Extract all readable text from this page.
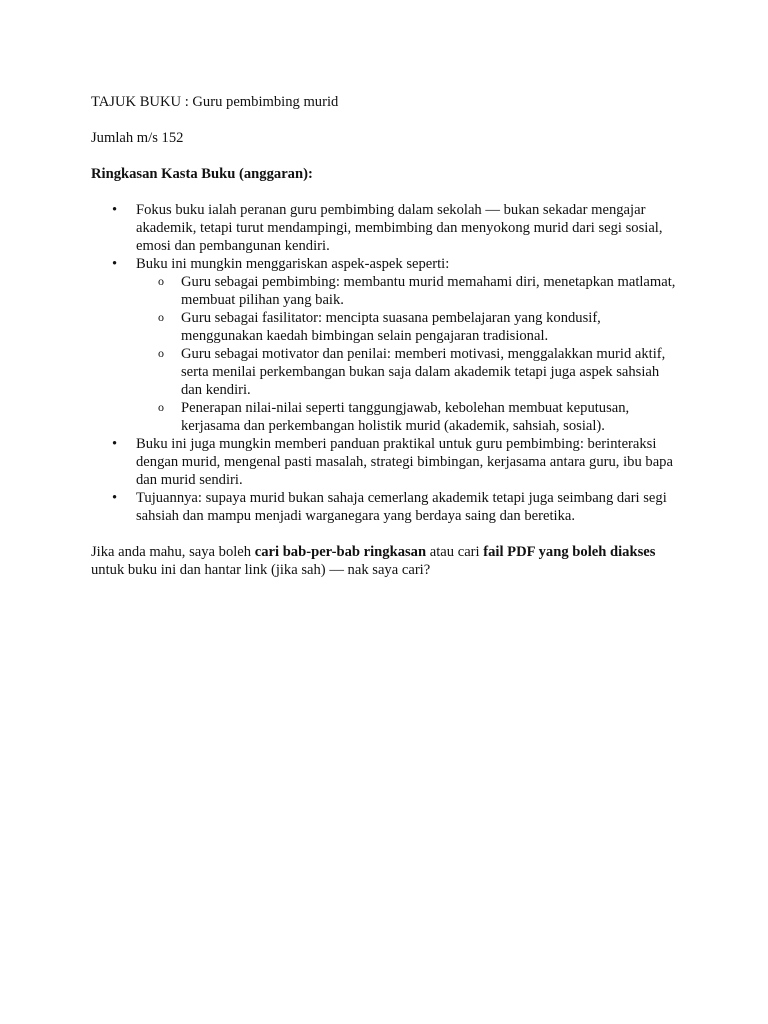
TAJUK BUKU : Guru pembimbing murid

Jumlah m/s 152

Ringkasan Kasta Buku (anggaran):

• Fokus buku ialah peranan guru pembimbing dalam sekolah — bukan sekadar mengajar akademik, tetapi turut mendampingi, membimbing dan menyokong murid dari segi sosial, emosi dan pembangunan kendiri.
• Buku ini mungkin menggariskan aspek-aspek seperti:
o Guru sebagai pembimbing: membantu murid memahami diri, menetapkan matlamat, membuat pilihan yang baik.
o Guru sebagai fasilitator: mencipta suasana pembelajaran yang kondusif, menggunakan kaedah bimbingan selain pengajaran tradisional.
o Guru sebagai motivator dan penilai: memberi motivasi, menggalakkan murid aktif, serta menilai perkembangan bukan saja dalam akademik tetapi juga aspek sahsiah dan kendiri.
o Penerapan nilai-nilai seperti tanggungjawab, kebolehan membuat keputusan, kerjasama dan perkembangan holistik murid (akademik, sahsiah, sosial).
• Buku ini juga mungkin memberi panduan praktikal untuk guru pembimbing: berinteraksi dengan murid, mengenal pasti masalah, strategi bimbingan, kerjasama antara guru, ibu bapa dan murid sendiri.
• Tujuannya: supaya murid bukan sahaja cemerlang akademik tetapi juga seimbang dari segi sahsiah dan mampu menjadi warganegara yang berdaya saing dan beretika.

Jika anda mahu, saya boleh cari bab-per-bab ringkasan atau cari fail PDF yang boleh diakses untuk buku ini dan hantar link (jika sah) — nak saya cari?
